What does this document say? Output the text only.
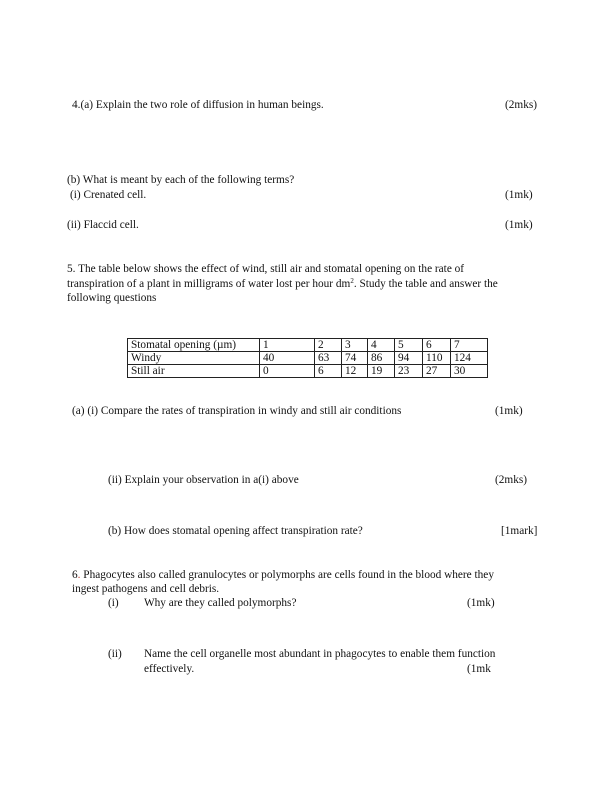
4.(a) Explain the two role of diffusion in human beings.	(2mks)
(b) What is meant by each of the following terms?
(i) Crenated cell.	(1mk)
(ii) Flaccid cell.	(1mk)
5. The table below shows the effect of wind, still air and stomatal opening on the rate of
transpiration of a plant in milligrams of water lost per hour $dm^2$. Study the table and answer the
following questions
Stomatal opening (µm)	1	2	3	4	5	6	7
Windy	40	63	74	86	94	110	124
Still air	0	6	12	19	23	27	30
(a) (i) Compare the rates of transpiration in windy and still air conditions	(1mk)
(ii) Explain your observation in a(i) above	(2mks)
(b) How does stomatal opening affect transpiration rate?	[1mark]
6. Phagocytes also called granulocytes or polymorphs are cells found in the blood where they
ingest pathogens and cell debris.
(i) Why are they called polymorphs?	(1mk)
(ii) Name the cell organelle most abundant in phagocytes to enable them function
effectively.	(1mk
